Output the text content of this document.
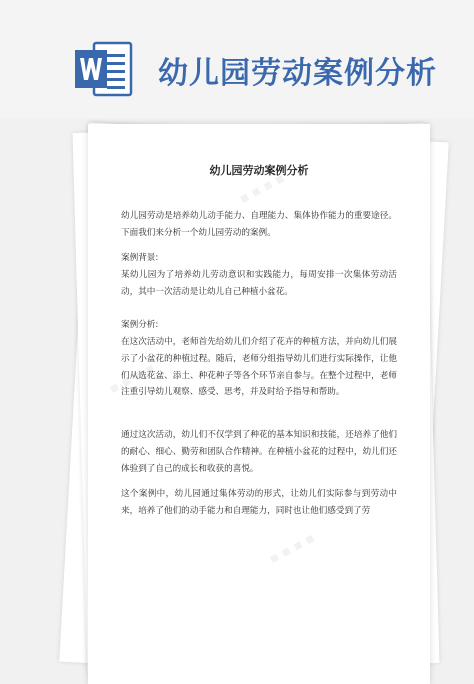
幼儿园劳动案例分析
■ ■ ■ ■
■ ■ ■ ■
■ ■ ■ ■
幼儿园劳动案例分析

幼儿园劳动是培养幼儿动手能力、自理能力、集体协作能力的重要途径。下面我们来分析一个幼儿园劳动的案例。

案例背景:

某幼儿园为了培养幼儿劳动意识和实践能力，每周安排一次集体劳动活动，其中一次活动是让幼儿自己种植小盆花。

案例分析:

在这次活动中，老师首先给幼儿们介绍了花卉的种植方法，并向幼儿们展示了小盆花的种植过程。随后，老师分组指导幼儿们进行实际操作，让他们从选花盆、添土、种花种子等各个环节亲自参与。在整个过程中，老师注重引导幼儿观察、感受、思考，并及时给予指导和帮助。

通过这次活动，幼儿们不仅学到了种花的基本知识和技能，还培养了他们的耐心、细心、勤劳和团队合作精神。在种植小盆花的过程中，幼儿们还体验到了自己的成长和收获的喜悦。

这个案例中，幼儿园通过集体劳动的形式，让幼儿们实际参与到劳动中来，培养了他们的动手能力和自理能力，同时也让他们感受到了劳
